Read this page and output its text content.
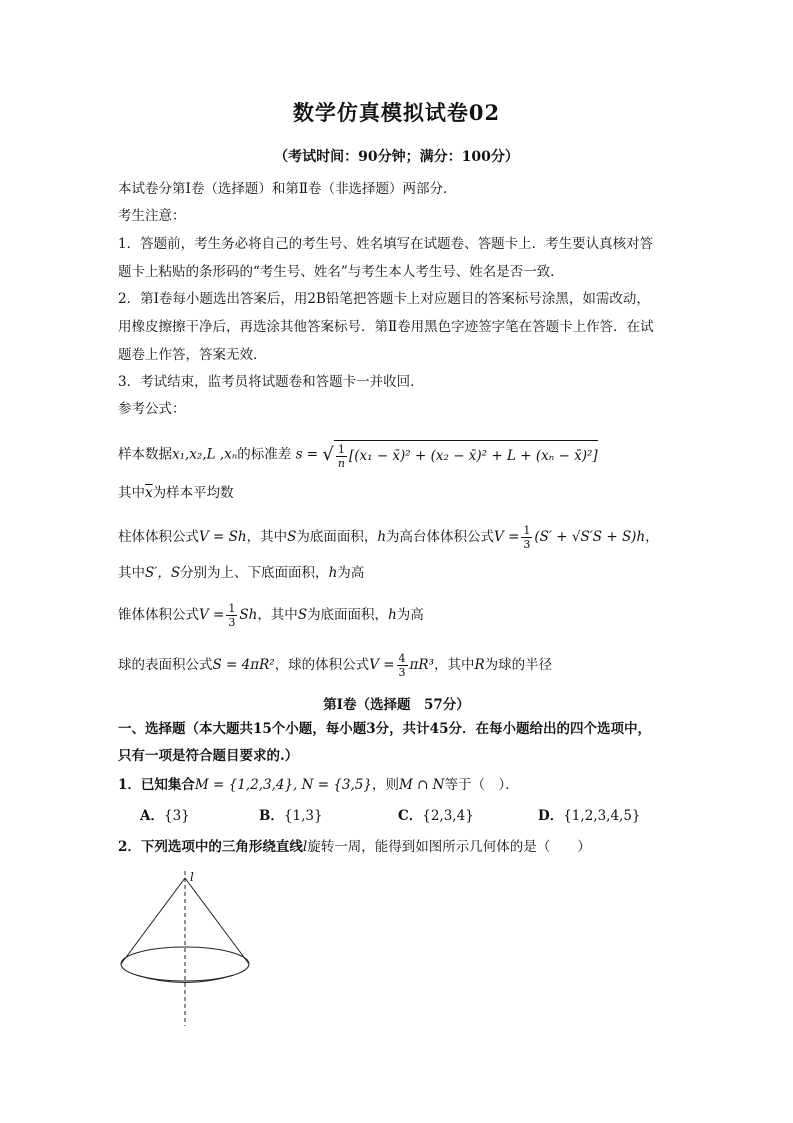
数学仿真模拟试卷02
（考试时间：90分钟；满分：100分）
本试卷分第Ⅰ卷（选择题）和第Ⅱ卷（非选择题）两部分．
考生注意：
1．答题前，考生务必将自己的考生号、姓名填写在试题卷、答题卡上．考生要认真核对答
题卡上粘贴的条形码的“考生号、姓名”与考生本人考生号、姓名是否一致．
2．第Ⅰ卷每小题选出答案后，用2B铅笔把答题卡上对应题目的答案标号涂黑，如需改动，
用橡皮擦擦干净后，再选涂其他答案标号．第Ⅱ卷用黑色字迹签字笔在答题卡上作答．在试
题卷上作答，答案无效．
3．考试结束，监考员将试题卷和答题卡一并收回．
参考公式：
样本数据x₁,x₂,L ,xₙ的标准差 s = √ $\frac{1}{n} [(x_1$ − x̄)² + (x₂ − x̄)² + L + (xₙ − x̄)²]
其中$\overline{x}$为样本平均数
柱体体积公式V = Sh，其中S为底面面积，h为高台体体积公式$V = \frac{1}{3} (S' + √S'S + S)h$，
其中S′，S分别为上、下底面面积，h为高
锥体体积公式$V = \frac{1}{3}$ Sh，其中S为底面面积，h为高
球的表面积公式S = 4πR²，球的体积公式$V = \frac{4}{3} \pi R^3$，其中R为球的半径
第Ⅰ卷（选择题　57分）
一、选择题（本大题共15个小题，每小题3分，共计45分．在每小题给出的四个选项中，
只有一项是符合题目要求的.）
1．已知集合M = {1,2,3,4}, N = {3,5}，则M ∩ N等于（　）．
A．{3}	B．{1,3}	C．{2,3,4}	D．{1,2,3,4,5}
2．下列选项中的三角形绕直线l旋转一周，能得到如图所示几何体的是（　　）
l
